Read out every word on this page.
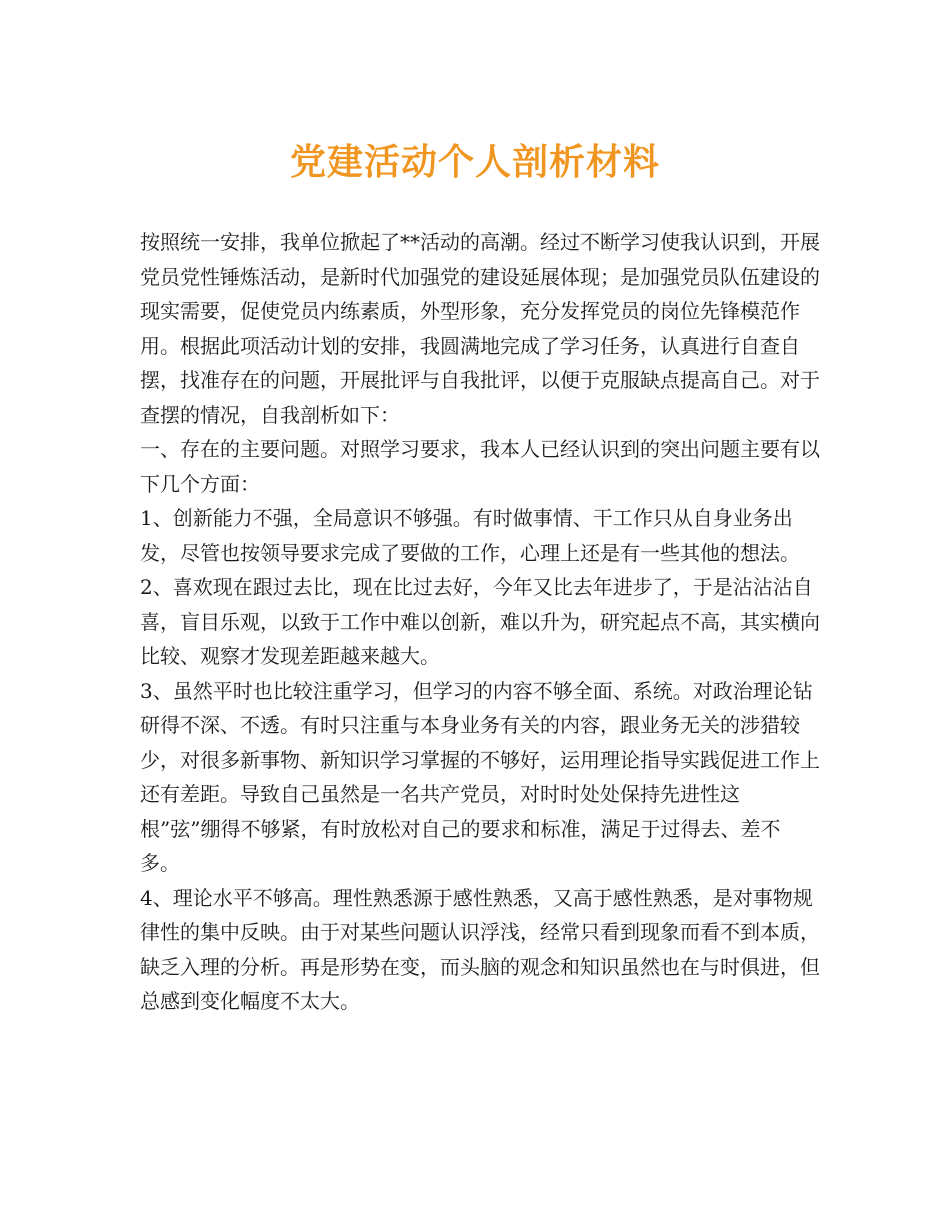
党建活动个人剖析材料

按照统一安排，我单位掀起了**活动的高潮。经过不断学习使我认识到，开展党员党性锤炼活动，是新时代加强党的建设延展体现；是加强党员队伍建设的现实需要，促使党员内练素质，外型形象，充分发挥党员的岗位先锋模范作用。根据此项活动计划的安排，我圆满地完成了学习任务，认真进行自查自摆，找准存在的问题，开展批评与自我批评，以便于克服缺点提高自己。对于查摆的情况，自我剖析如下：

一、存在的主要问题。对照学习要求，我本人已经认识到的突出问题主要有以下几个方面：

1、创新能力不强，全局意识不够强。有时做事情、干工作只从自身业务出发，尽管也按领导要求完成了要做的工作，心理上还是有一些其他的想法。

2、喜欢现在跟过去比，现在比过去好，今年又比去年进步了，于是沾沾沾自喜，盲目乐观，以致于工作中难以创新，难以升为，研究起点不高，其实横向比较、观察才发现差距越来越大。

3、虽然平时也比较注重学习，但学习的内容不够全面、系统。对政治理论钻研得不深、不透。有时只注重与本身业务有关的内容，跟业务无关的涉猎较少，对很多新事物、新知识学习掌握的不够好，运用理论指导实践促进工作上还有差距。导致自己虽然是一名共产党员，对时时处处保持先进性这根”弦”绷得不够紧，有时放松对自己的要求和标准，满足于过得去、差不多。

4、理论水平不够高。理性熟悉源于感性熟悉，又高于感性熟悉，是对事物规律性的集中反映。由于对某些问题认识浮浅，经常只看到现象而看不到本质，缺乏入理的分析。再是形势在变，而头脑的观念和知识虽然也在与时俱进，但总感到变化幅度不太大。
